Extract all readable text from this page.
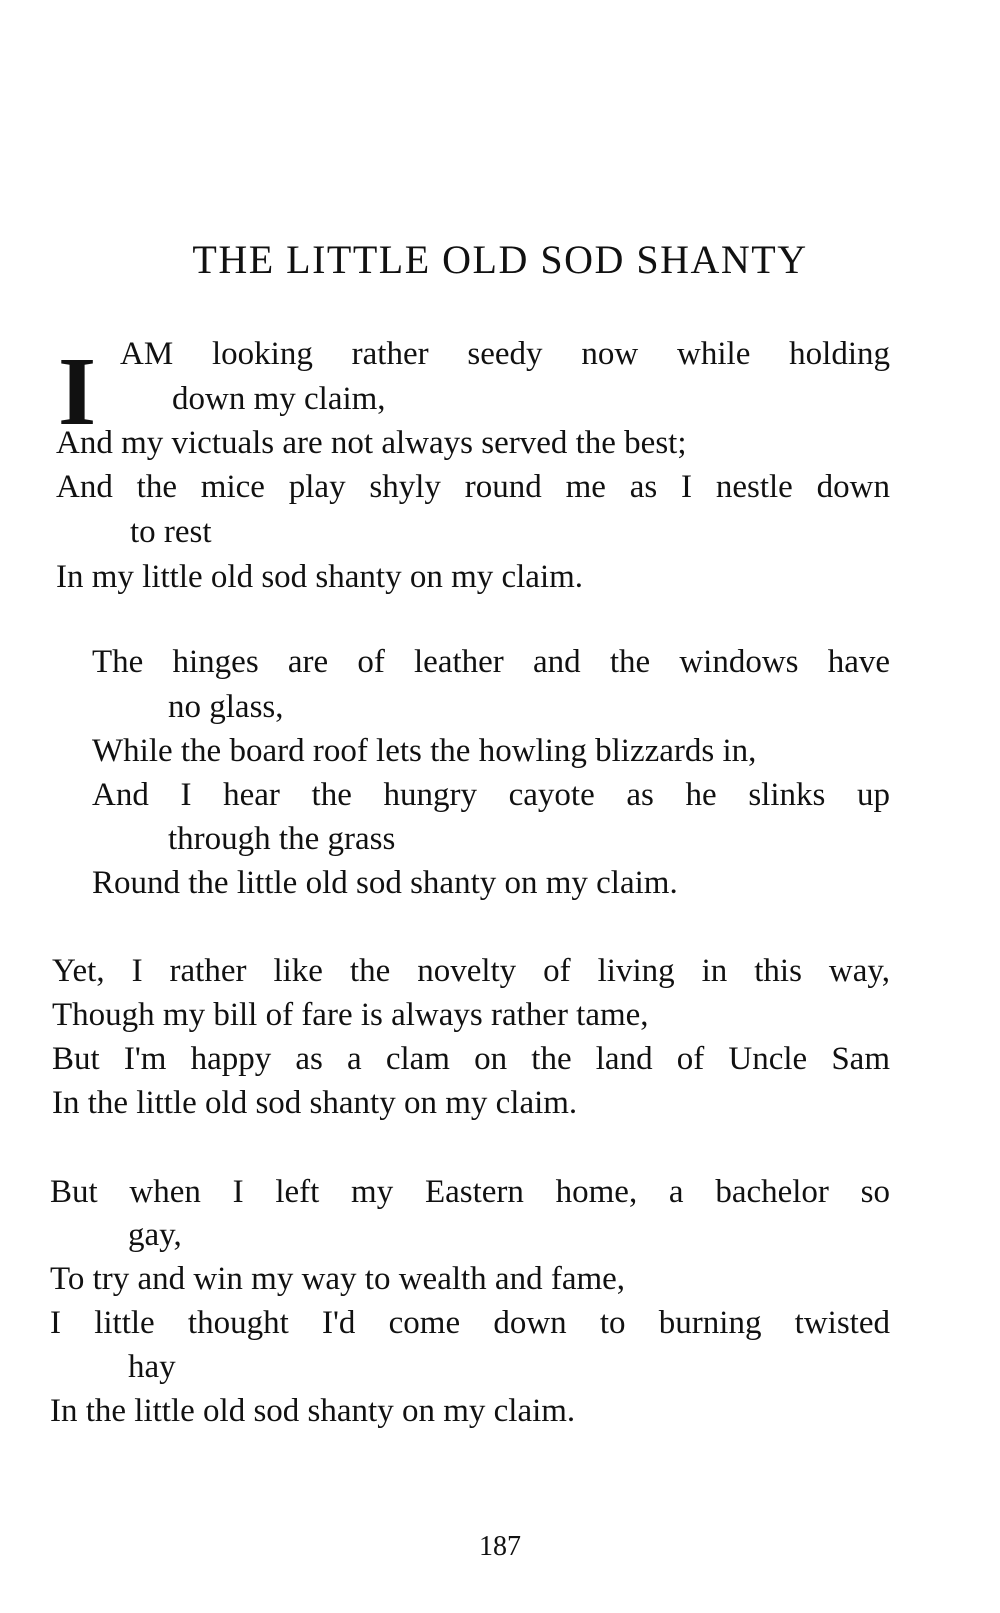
THE LITTLE OLD SOD SHANTY
I AM looking rather seedy now while holding
down my claim,
And my victuals are not always served the best;
And the mice play shyly round me as I nestle down
to rest
In my little old sod shanty on my claim.
The hinges are of leather and the windows have
no glass,
While the board roof lets the howling blizzards in,
And I hear the hungry cayote as he slinks up
through the grass
Round the little old sod shanty on my claim.
Yet, I rather like the novelty of living in this way,
Though my bill of fare is always rather tame,
But I'm happy as a clam on the land of Uncle Sam
In the little old sod shanty on my claim.
But when I left my Eastern home, a bachelor so
gay,
To try and win my way to wealth and fame,
I little thought I'd come down to burning twisted
hay
In the little old sod shanty on my claim.
187
